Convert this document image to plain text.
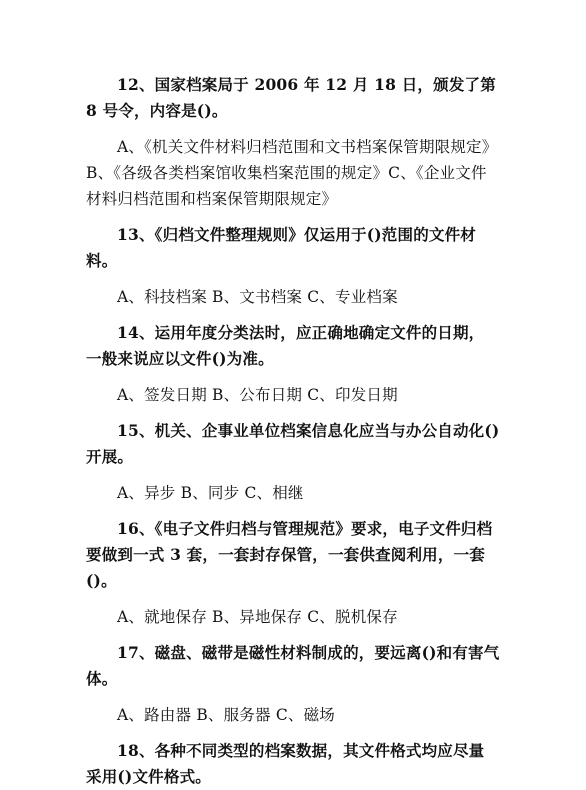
12、国家档案局于 2006 年 12 月 18 日，颁发了第 8 号令，内容是()。

A、《机关文件材料归档范围和文书档案保管期限规定》B、《各级各类档案馆收集档案范围的规定》C、《企业文件材料归档范围和档案保管期限规定》

13、《归档文件整理规则》仅运用于()范围的文件材料。

A、科技档案 B、文书档案 C、专业档案

14、运用年度分类法时，应正确地确定文件的日期，一般来说应以文件()为准。

A、签发日期 B、公布日期 C、印发日期

15、机关、企事业单位档案信息化应当与办公自动化()开展。

A、异步 B、同步 C、相继

16、《电子文件归档与管理规范》要求，电子文件归档要做到一式 3 套，一套封存保管，一套供查阅利用，一套()。

A、就地保存 B、异地保存 C、脱机保存

17、磁盘、磁带是磁性材料制成的，要远离()和有害气体。

A、路由器 B、服务器 C、磁场

18、各种不同类型的档案数据，其文件格式均应尽量采用()文件格式。
